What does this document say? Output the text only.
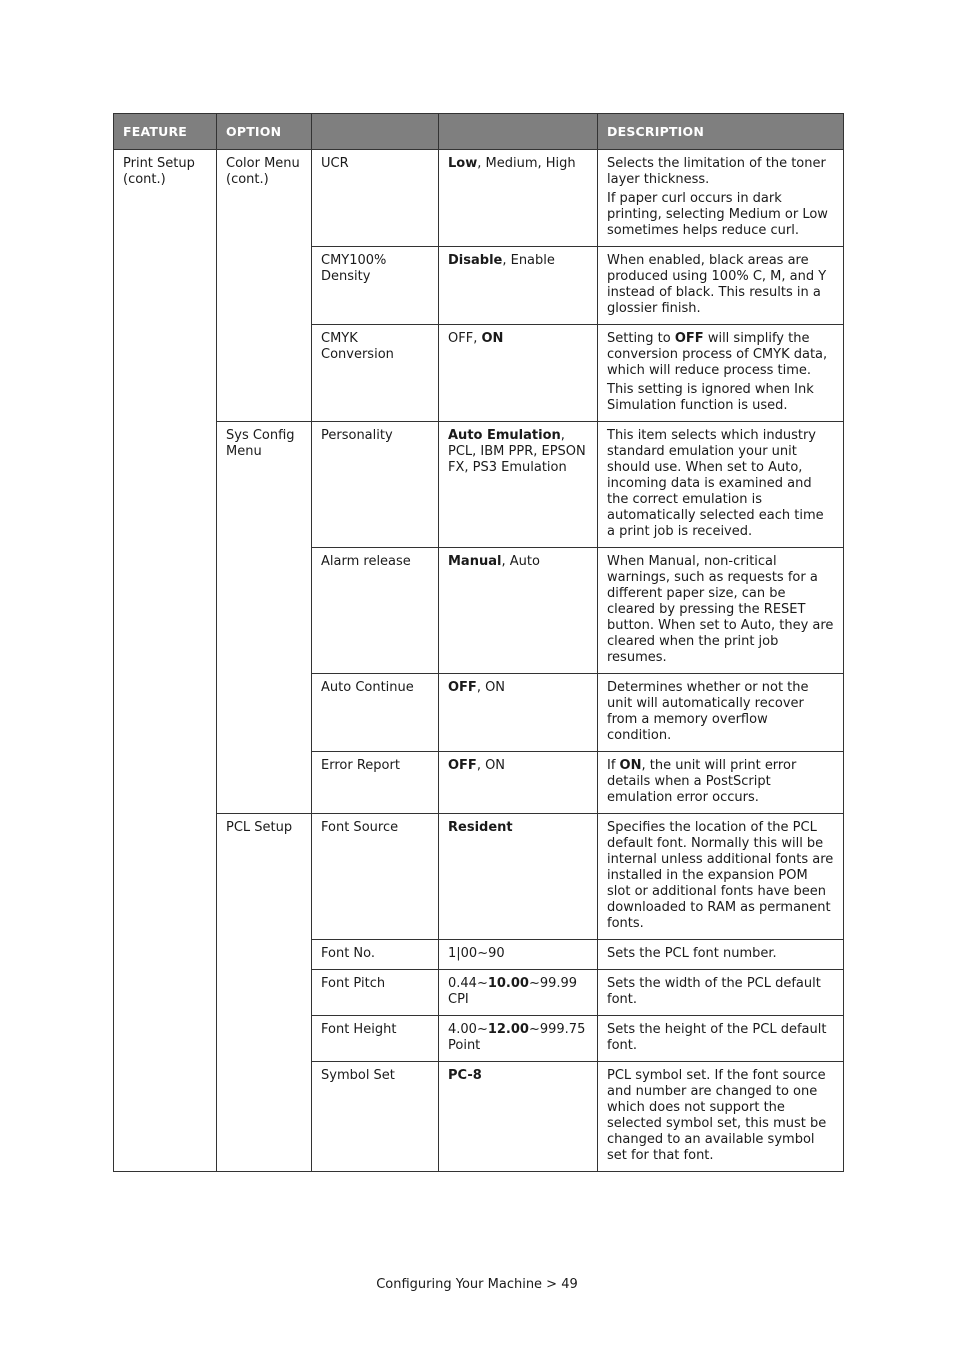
FEATURE	OPTION			DESCRIPTION
Print Setup (cont.)	Color Menu (cont.)	UCR	Low, Medium, High	Selects the limitation of the toner layer thickness.

If paper curl occurs in dark printing, selecting Medium or Low sometimes helps reduce curl.

		CMY100% Density	Disable, Enable	When enabled, black areas are produced using 100% C, M, and Y instead of black. This results in a glossier finish.

		CMYK Conversion	OFF, ON	Setting to OFF will simplify the conversion process of CMYK data, which will reduce process time.

This setting is ignored when Ink Simulation function is used.

	Sys Config Menu	Personality	Auto Emulation, PCL, IBM PPR, EPSON FX, PS3 Emulation	This item selects which industry standard emulation your unit should use. When set to Auto, incoming data is examined and the correct emulation is automatically selected each time a print job is received.

		Alarm release	Manual, Auto	When Manual, non-critical warnings, such as requests for a different paper size, can be cleared by pressing the RESET button. When set to Auto, they are cleared when the print job resumes.

		Auto Continue	OFF, ON	Determines whether or not the unit will automatically recover from a memory overflow condition.

		Error Report	OFF, ON	If ON, the unit will print error details when a PostScript emulation error occurs.

	PCL Setup	Font Source	Resident	Specifies the location of the PCL default font. Normally this will be internal unless additional fonts are installed in the expansion POM slot or additional fonts have been downloaded to RAM as permanent fonts.

		Font No.	1|00~90	Sets the PCL font number.

		Font Pitch	0.44~10.00~99.99 CPI	Sets the width of the PCL default font.

		Font Height	4.00~12.00~999.75 Point	Sets the height of the PCL default font.

		Symbol Set	PC-8	PCL symbol set. If the font source and number are changed to one which does not support the selected symbol set, this must be changed to an available symbol set for that font.

Configuring Your Machine > 49
